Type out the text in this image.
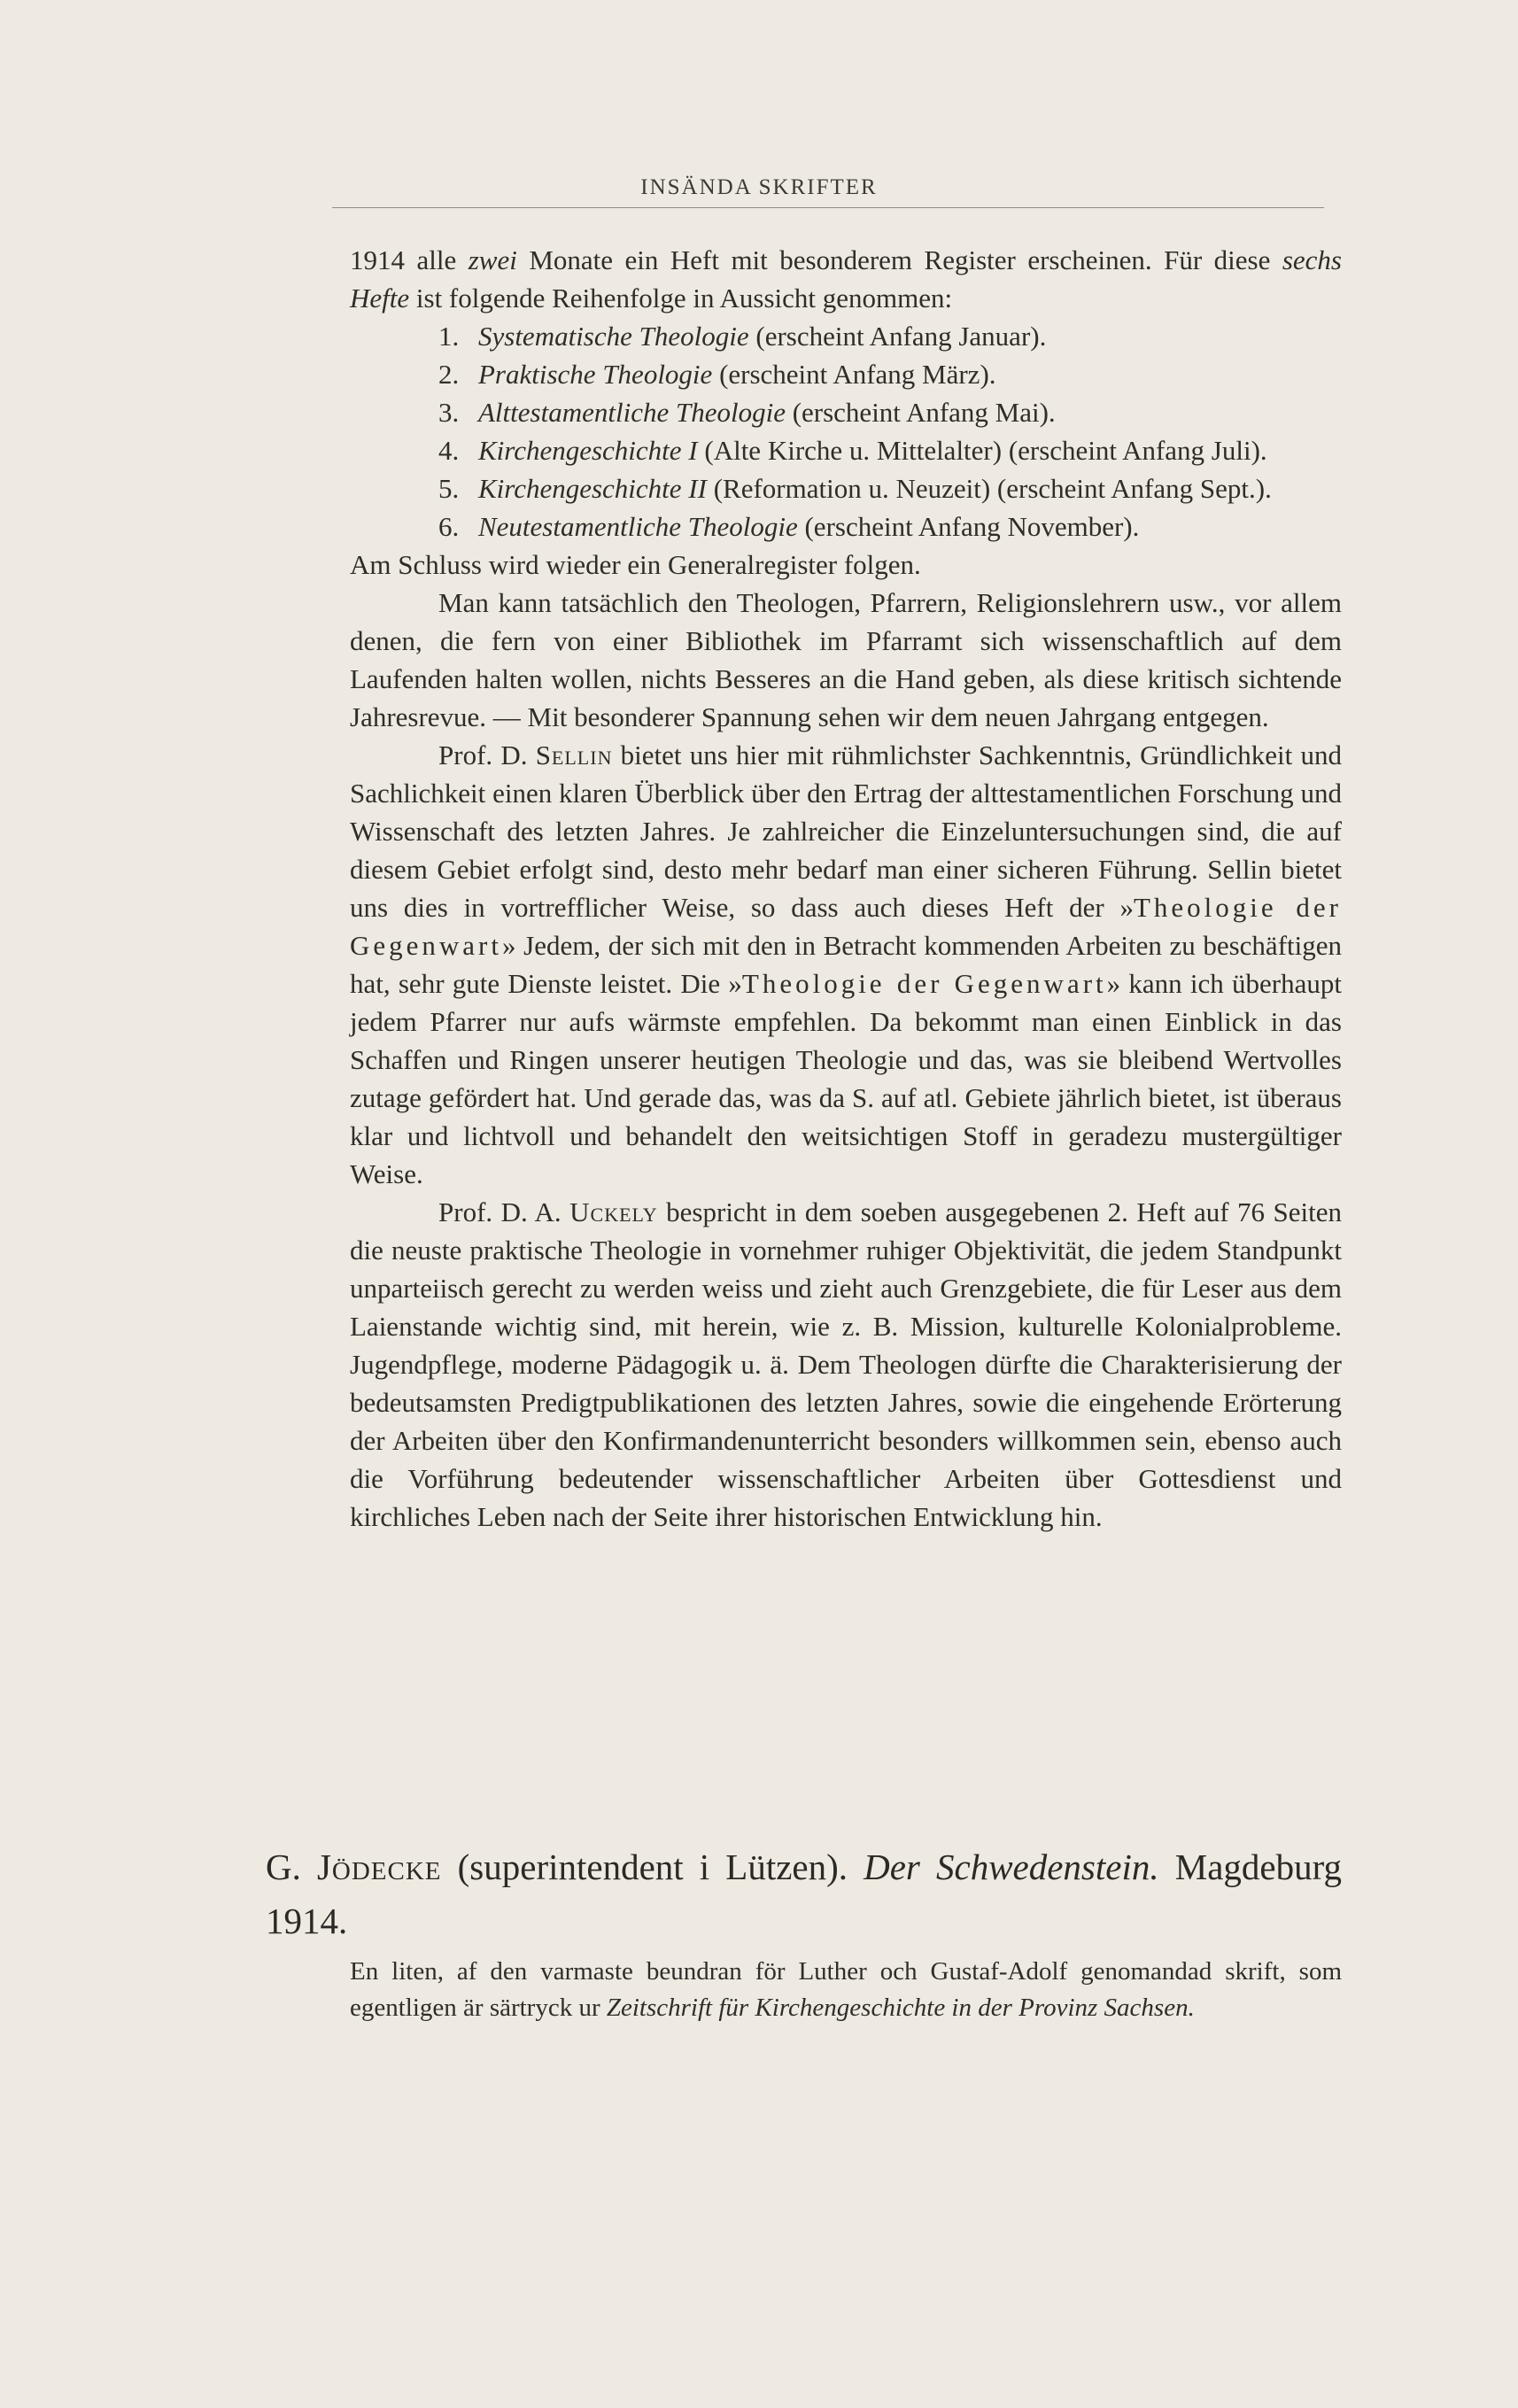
INSÄNDA SKRIFTER

1914 alle zwei Monate ein Heft mit besonderem Register erscheinen. Für diese sechs Hefte ist folgende Reihenfolge in Aussicht genommen:

1. Systematische Theologie (erscheint Anfang Januar).
2. Praktische Theologie (erscheint Anfang März).
3. Alttestamentliche Theologie (erscheint Anfang Mai).
4. Kirchengeschichte I (Alte Kirche u. Mittelalter) (erscheint Anfang Juli).
5. Kirchengeschichte II (Reformation u. Neuzeit) (erscheint Anfang Sept.).
6. Neutestamentliche Theologie (erscheint Anfang November).

Am Schluss wird wieder ein Generalregister folgen.

Man kann tatsächlich den Theologen, Pfarrern, Religionslehrern usw., vor allem denen, die fern von einer Bibliothek im Pfarramt sich wissenschaftlich auf dem Laufenden halten wollen, nichts Besseres an die Hand geben, als diese kritisch sichtende Jahresrevue. — Mit besonderer Spannung sehen wir dem neuen Jahrgang entgegen.

Prof. D. Sellin bietet uns hier mit rühmlichster Sachkenntnis, Gründlichkeit und Sachlichkeit einen klaren Überblick über den Ertrag der alttestamentlichen Forschung und Wissenschaft des letzten Jahres. Je zahlreicher die Einzeluntersuchungen sind, die auf diesem Gebiet erfolgt sind, desto mehr bedarf man einer sicheren Führung. Sellin bietet uns dies in vortrefflicher Weise, so dass auch dieses Heft der »Theologie der Gegenwart» Jedem, der sich mit den in Betracht kommenden Arbeiten zu beschäftigen hat, sehr gute Dienste leistet. Die »Theologie der Gegenwart» kann ich überhaupt jedem Pfarrer nur aufs wärmste empfehlen. Da bekommt man einen Einblick in das Schaffen und Ringen unserer heutigen Theologie und das, was sie bleibend Wertvolles zutage gefördert hat. Und gerade das, was da S. auf atl. Gebiete jährlich bietet, ist überaus klar und lichtvoll und behandelt den weitsichtigen Stoff in geradezu mustergültiger Weise.

Prof. D. A. Uckely bespricht in dem soeben ausgegebenen 2. Heft auf 76 Seiten die neuste praktische Theologie in vornehmer ruhiger Objektivität, die jedem Standpunkt unparteiisch gerecht zu werden weiss und zieht auch Grenzgebiete, die für Leser aus dem Laienstande wichtig sind, mit herein, wie z. B. Mission, kulturelle Kolonialprobleme. Jugendpflege, moderne Pädagogik u. ä. Dem Theologen dürfte die Charakterisierung der bedeutsamsten Predigtpublikationen des letzten Jahres, sowie die eingehende Erörterung der Arbeiten über den Konfirmandenunterricht besonders willkommen sein, ebenso auch die Vorführung bedeutender wissenschaftlicher Arbeiten über Gottesdienst und kirchliches Leben nach der Seite ihrer historischen Entwicklung hin.

G. Jödecke (superintendent i Lützen). Der Schwedenstein. Magdeburg 1914.

En liten, af den varmaste beundran för Luther och Gustaf-Adolf genomandad skrift, som egentligen är särtryck ur Zeitschrift für Kirchengeschichte in der Provinz Sachsen.
